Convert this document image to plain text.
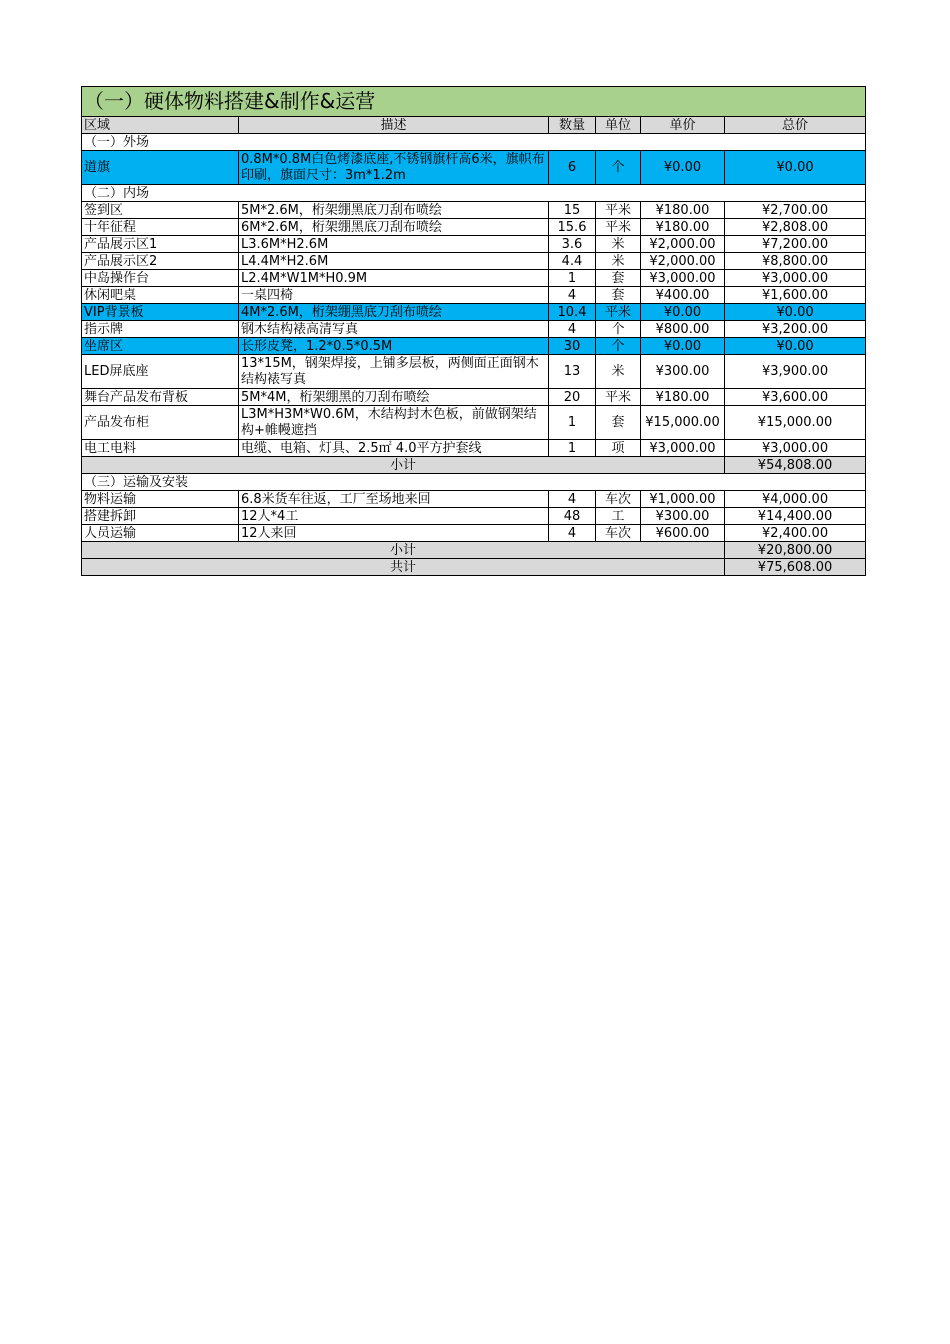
（一）硬体物料搭建&制作&运营					
区域	描述	数量	单位	单价	总价
（一）外场					
道旗	0.8M*0.8M白色烤漆底座,不锈钢旗杆高6米，旗帜布印刷，旗面尺寸：3m*1.2m	6	个	¥0.00	¥0.00
（二）内场					
签到区	5M*2.6M，桁架绷黑底刀刮布喷绘	15	平米	¥180.00	¥2,700.00
十年征程	6M*2.6M，桁架绷黑底刀刮布喷绘	15.6	平米	¥180.00	¥2,808.00
产品展示区1	L3.6M*H2.6M	3.6	米	¥2,000.00	¥7,200.00
产品展示区2	L4.4M*H2.6M	4.4	米	¥2,000.00	¥8,800.00
中岛操作台	L2.4M*W1M*H0.9M	1	套	¥3,000.00	¥3,000.00
休闲吧桌	一桌四椅	4	套	¥400.00	¥1,600.00
VIP背景板	4M*2.6M，桁架绷黑底刀刮布喷绘	10.4	平米	¥0.00	¥0.00
指示牌	钢木结构裱高清写真	4	个	¥800.00	¥3,200.00
坐席区	长形皮凳，1.2*0.5*0.5M	30	个	¥0.00	¥0.00
LED屏底座	13*15M，钢架焊接，上铺多层板，两侧面正面钢木结构裱写真	13	米	¥300.00	¥3,900.00
舞台产品发布背板	5M*4M，桁架绷黑的刀刮布喷绘	20	平米	¥180.00	¥3,600.00
产品发布柜	L3M*H3M*W0.6M，木结构封木色板，前做钢架结构+帷幔遮挡	1	套	¥15,000.00	¥15,000.00
电工电料	电缆、电箱、灯具、2.5㎡ 4.0平方护套线	1	项	¥3,000.00	¥3,000.00
小计					¥54,808.00
（三）运输及安装					
物料运输	6.8米货车往返，工厂至场地来回	4	车次	¥1,000.00	¥4,000.00
搭建拆卸	12人*4工	48	工	¥300.00	¥14,400.00
人员运输	12人来回	4	车次	¥600.00	¥2,400.00
小计					¥20,800.00
共计					¥75,608.00
